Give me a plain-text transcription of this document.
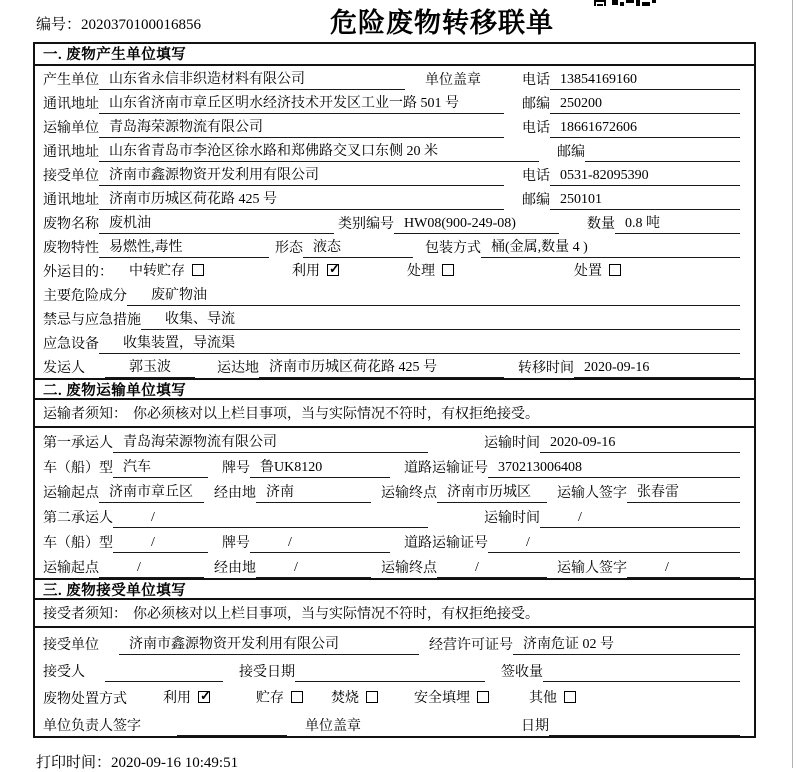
编号：2020370100016856	危险废物转移联单
一. 废物产生单位填写
产生单位 山东省永信非织造材料有限公司	单位盖章	电话 13854169160
通讯地址 山东省济南市章丘区明水经济技术开发区工业一路 501 号	邮编 250200
运输单位 青岛海荣源物流有限公司	电话 18661672606
通讯地址 山东省青岛市李沧区徐水路和郑佛路交叉口东侧 20 米	邮编
接受单位 济南市鑫源物资开发利用有限公司	电话 0531-82095390
通讯地址 济南市历城区荷花路 425 号	邮编 250101
废物名称 废机油	类别编号 HW08(900-249-08)	数量 0.8 吨
废物特性 易燃性,毒性	形态 液态	包装方式 桶(金属,数量 4 )
外运目的： 中转贮存	利用 ✓	处理	处置
主要危险成分	废矿物油
禁忌与应急措施	收集、导流
应急设备	收集装置，导流渠
发运人	郭玉波	运达地 济南市历城区荷花路 425 号	转移时间 2020-09-16
二. 废物运输单位填写
运输者须知： 你必须核对以上栏目事项，当与实际情况不符时，有权拒绝接受。
第一承运人 青岛海荣源物流有限公司	运输时间 2020-09-16
车（船）型 汽车	牌号 鲁UK8120	道路运输证号 370213006408
运输起点 济南市章丘区	经由地 济南	运输终点 济南市历城区	运输人签字 张春雷
第二承运人	/	运输时间	/
车（船）型	/	牌号	/	道路运输证号	/
运输起点	/	经由地	/	运输终点	/	运输人签字	/
三. 废物接受单位填写
接受者须知： 你必须核对以上栏目事项，当与实际情况不符时，有权拒绝接受。
接受单位	济南市鑫源物资开发利用有限公司	经营许可证号 济南危证 02 号
接受人	接受日期	签收量
废物处置方式	利用 ✓	贮存	焚烧	安全填埋	其他
单位负责人签字	单位盖章	日期
打印时间：2020-09-16 10:49:51
